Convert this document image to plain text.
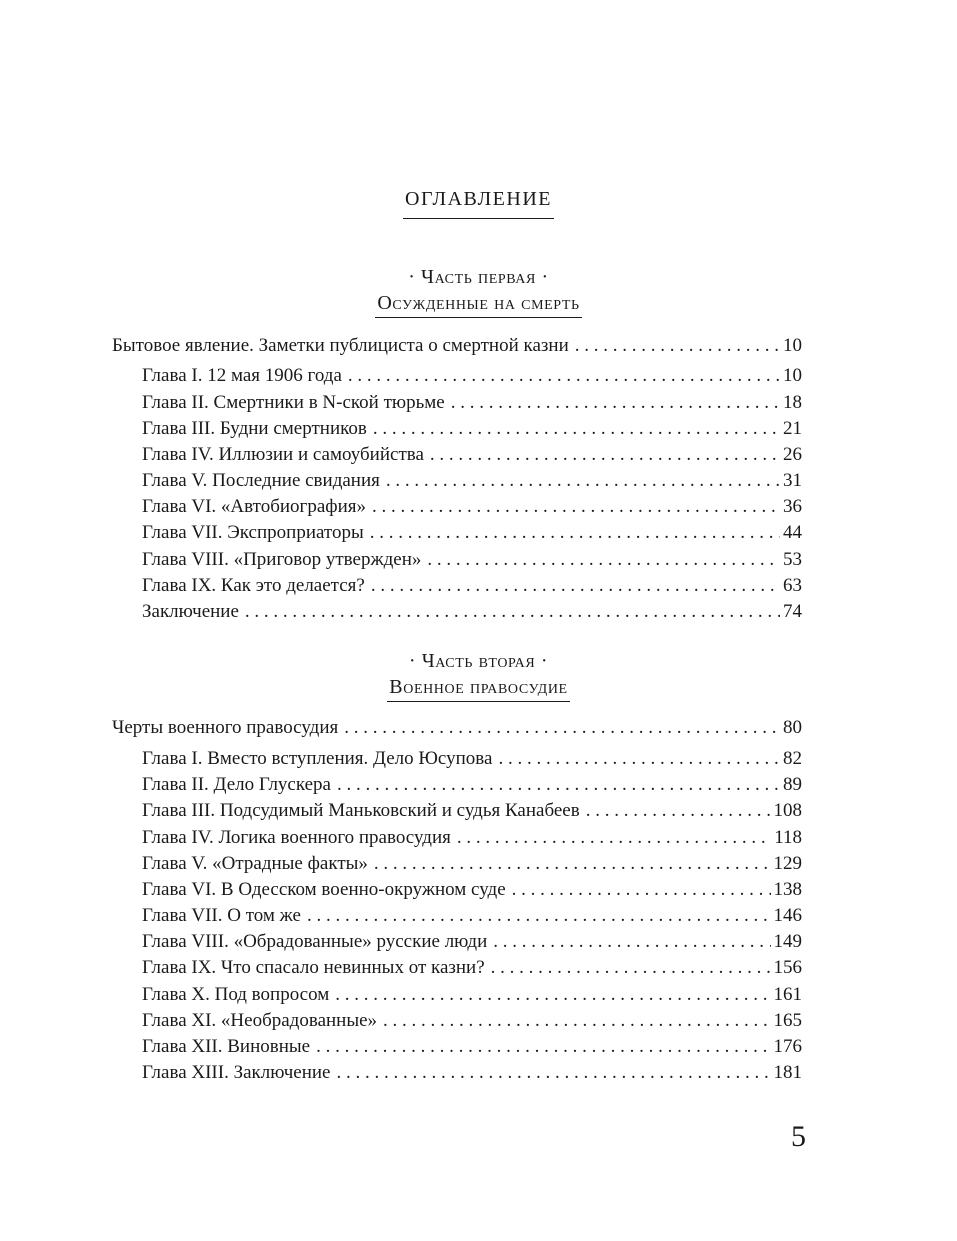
оглавление
· Часть первая ·
Осужденные на смерть
Бытовое явление. Заметки публициста о смертной казни . . .	10
Глава I. 12 мая 1906 года . . .	10
Глава II. Смертники в N-ской тюрьме . . .	18
Глава III. Будни смертников . . .	21
Глава IV. Иллюзии и самоубийства . . .	26
Глава V. Последние свидания . . .	31
Глава VI. «Автобиография» . . .	36
Глава VII. Экспроприаторы . . .	44
Глава VIII. «Приговор утвержден» . . .	53
Глава IX. Как это делается? . . .	63
Заключение . . .	74
· Часть вторая ·
Военное правосудие
Черты военного правосудия . . .	80
Глава I. Вместо вступления. Дело Юсупова . . .	82
Глава II. Дело Глускера . . .	89
Глава III. Подсудимый Маньковский и судья Канабеев . . .	108
Глава IV. Логика военного правосудия . . .	118
Глава V. «Отрадные факты» . . .	129
Глава VI. В Одесском военно-окружном суде . . .	138
Глава VII. О том же . . .	146
Глава VIII. «Обрадованные» русские люди . . .	149
Глава IX. Что спасало невинных от казни? . . .	156
Глава X. Под вопросом . . .	161
Глава XI. «Необрадованные» . . .	165
Глава XII. Виновные . . .	176
Глава XIII. Заключение . . .	181
5
